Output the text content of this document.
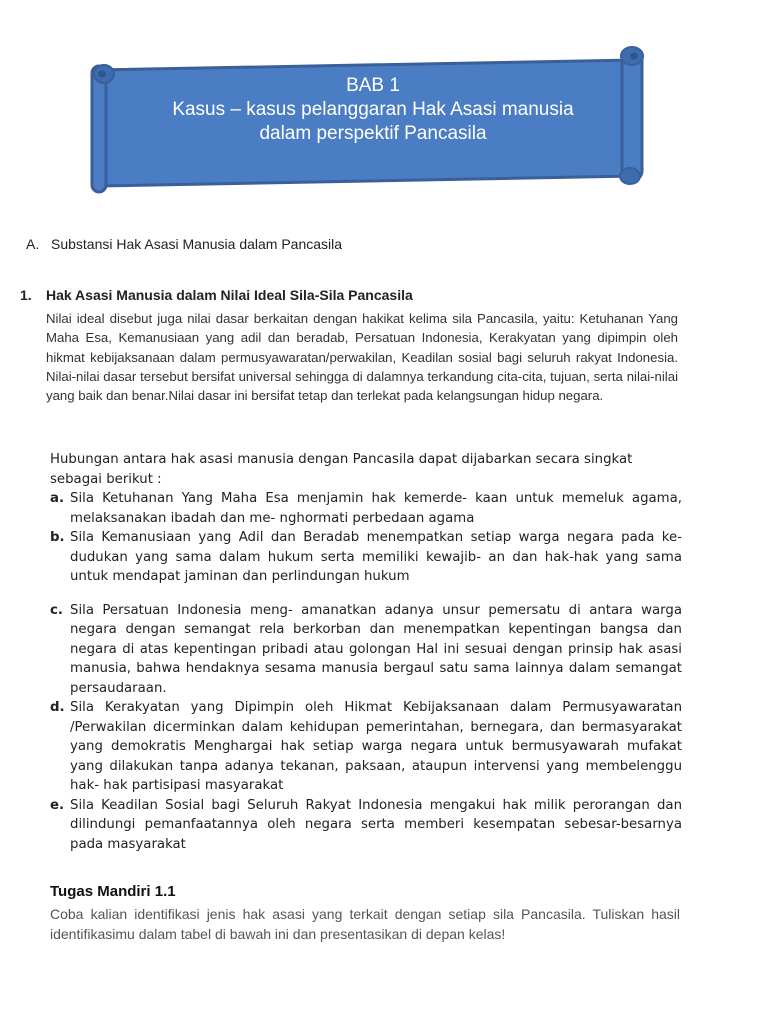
BAB 1
Kasus – kasus pelanggaran Hak Asasi manusia
dalam perspektif Pancasila
A. Substansi Hak Asasi Manusia dalam Pancasila
1. Hak Asasi Manusia dalam Nilai Ideal Sila-Sila Pancasila
Nilai ideal disebut juga nilai dasar berkaitan dengan hakikat kelima sila Pancasila, yaitu: Ketuhanan Yang Maha Esa, Kemanusiaan yang adil dan beradab, Persatuan Indonesia, Kerakyatan yang dipimpin oleh hikmat kebijaksanaan dalam permusyawaratan/perwakilan, Keadilan sosial bagi seluruh rakyat Indonesia. Nilai-nilai dasar tersebut bersifat universal sehingga di dalamnya terkandung cita-cita, tujuan, serta nilai-nilai yang baik dan benar.Nilai dasar ini bersifat tetap dan terlekat pada kelangsungan hidup negara.
Hubungan antara hak asasi manusia dengan Pancasila dapat dijabarkan secara singkat sebagai berikut :
a. Sila Ketuhanan Yang Maha Esa menjamin hak kemerde- kaan untuk memeluk agama, melaksanakan ibadah dan me- nghormati perbedaan agama
b. Sila Kemanusiaan yang Adil dan Beradab menempatkan setiap warga negara pada ke- dudukan yang sama dalam hukum serta memiliki kewajib- an dan hak-hak yang sama untuk mendapat jaminan dan perlindungan hukum
c. Sila Persatuan Indonesia meng- amanatkan adanya unsur pemersatu di antara warga negara dengan semangat rela berkorban dan menempatkan kepentingan bangsa dan negara di atas kepentingan pribadi atau golongan Hal ini sesuai dengan prinsip hak asasi manusia, bahwa hendaknya sesama manusia bergaul satu sama lainnya dalam semangat persaudaraan.
d. Sila Kerakyatan yang Dipimpin oleh Hikmat Kebijaksanaan dalam Permusyawaratan /Perwakilan dicerminkan dalam kehidupan pemerintahan, bernegara, dan bermasyarakat yang demokratis Menghargai hak setiap warga negara untuk bermusyawarah mufakat yang dilakukan tanpa adanya tekanan, paksaan, ataupun intervensi yang membelenggu hak- hak partisipasi masyarakat
e. Sila Keadilan Sosial bagi Seluruh Rakyat Indonesia mengakui hak milik perorangan dan dilindungi pemanfaatannya oleh negara serta memberi kesempatan sebesar-besarnya pada masyarakat
Tugas Mandiri 1.1
Coba kalian identifikasi jenis hak asasi yang terkait dengan setiap sila Pancasila. Tuliskan hasil identifikasimu dalam tabel di bawah ini dan presentasikan di depan kelas!
